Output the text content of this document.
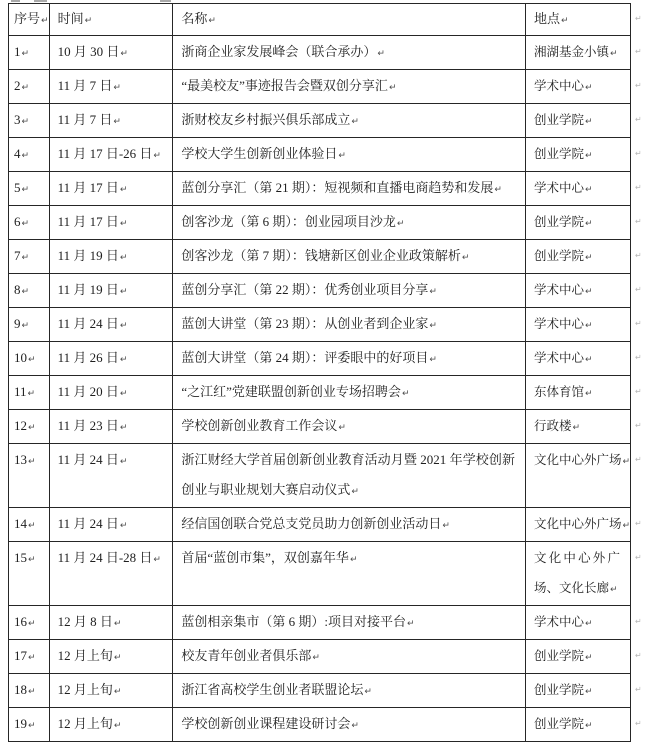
序号↵	时间↵	名称↵	地点↵	↵
1↵	10 月 30 日↵	浙商企业家发展峰会（联合承办）↵	湘湖基金小镇↵	↵
2↵	11 月 7 日↵	“最美校友”事迹报告会暨双创分享汇↵	学术中心↵	↵
3↵	11 月 7 日↵	浙财校友乡村振兴俱乐部成立↵	创业学院↵	↵
4↵	11 月 17 日-26 日↵	学校大学生创新创业体验日↵	创业学院↵	↵
5↵	11 月 17 日↵	蓝创分享汇（第 21 期）：短视频和直播电商趋势和发展↵	学术中心↵	↵
6↵	11 月 17 日↵	创客沙龙（第 6 期）：创业园项目沙龙↵	创业学院↵	↵
7↵	11 月 19 日↵	创客沙龙（第 7 期）：钱塘新区创业企业政策解析↵	创业学院↵	↵
8↵	11 月 19 日↵	蓝创分享汇（第 22 期）：优秀创业项目分享↵	学术中心↵	↵
9↵	11 月 24 日↵	蓝创大讲堂（第 23 期）：从创业者到企业家↵	学术中心↵	↵
10↵	11 月 26 日↵	蓝创大讲堂（第 24 期）：评委眼中的好项目↵	学术中心↵	↵
11↵	11 月 20 日↵	“之江红”党建联盟创新创业专场招聘会↵	东体育馆↵	↵
12↵	11 月 23 日↵	学校创新创业教育工作会议↵	行政楼↵	↵
13↵	11 月 24 日↵	浙江财经大学首届创新创业教育活动月暨 2021 年学校创新创业与职业规划大赛启动仪式↵	文化中心外广场↵	↵
14↵	11 月 24 日↵	经信国创联合党总支党员助力创新创业活动日↵	文化中心外广场↵	↵
15↵	11 月 24 日-28 日↵	首届“蓝创市集”，双创嘉年华↵	文化中心外广场、文化长廊↵	↵
16↵	12 月 8 日↵	蓝创相亲集市（第 6 期）:项目对接平台↵	学术中心↵	↵
17↵	12 月上旬↵	校友青年创业者俱乐部↵	创业学院↵	↵
18↵	12 月上旬↵	浙江省高校学生创业者联盟论坛↵	创业学院↵	↵
19↵	12 月上旬↵	学校创新创业课程建设研讨会↵	创业学院↵	↵
